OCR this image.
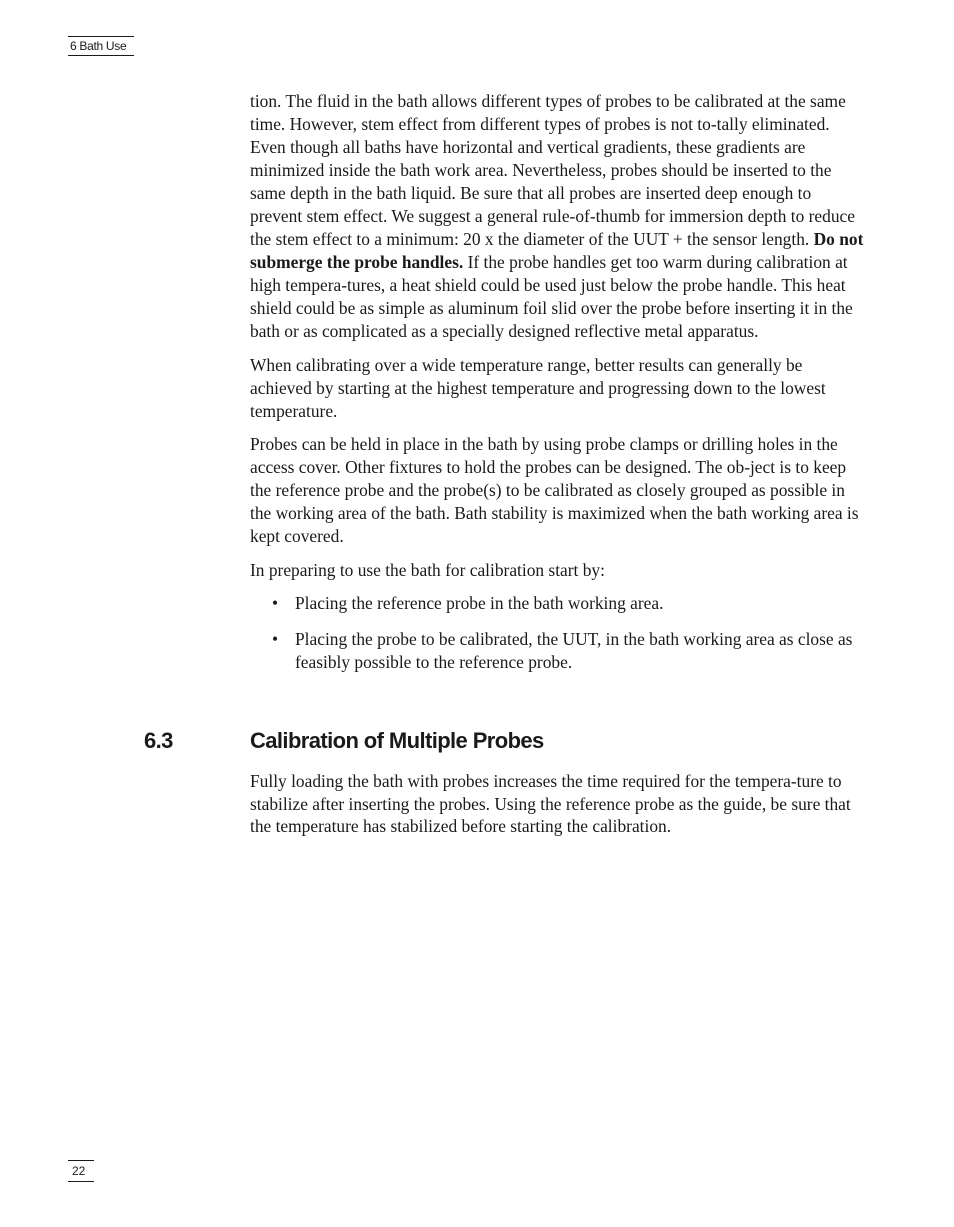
6 Bath Use

tion. The fluid in the bath allows different types of probes to be calibrated at the same time. However, stem effect from different types of probes is not to-tally eliminated. Even though all baths have horizontal and vertical gradients, these gradients are minimized inside the bath work area. Nevertheless, probes should be inserted to the same depth in the bath liquid. Be sure that all probes are inserted deep enough to prevent stem effect. We suggest a general rule-of-thumb for immersion depth to reduce the stem effect to a minimum: 20 x the diameter of the UUT + the sensor length. Do not submerge the probe handles. If the probe handles get too warm during calibration at high tempera-tures, a heat shield could be used just below the probe handle. This heat shield could be as simple as aluminum foil slid over the probe before inserting it in the bath or as complicated as a specially designed reflective metal apparatus.

When calibrating over a wide temperature range, better results can generally be achieved by starting at the highest temperature and progressing down to the lowest temperature.

Probes can be held in place in the bath by using probe clamps or drilling holes in the access cover. Other fixtures to hold the probes can be designed. The ob-ject is to keep the reference probe and the probe(s) to be calibrated as closely grouped as possible in the working area of the bath. Bath stability is maximized when the bath working area is kept covered.

In preparing to use the bath for calibration start by:

• Placing the reference probe in the bath working area.
• Placing the probe to be calibrated, the UUT, in the bath working area as close as feasibly possible to the reference probe.
6.3	Calibration of Multiple Probes

Fully loading the bath with probes increases the time required for the tempera-ture to stabilize after inserting the probes. Using the reference probe as the guide, be sure that the temperature has stabilized before starting the calibration.

22
